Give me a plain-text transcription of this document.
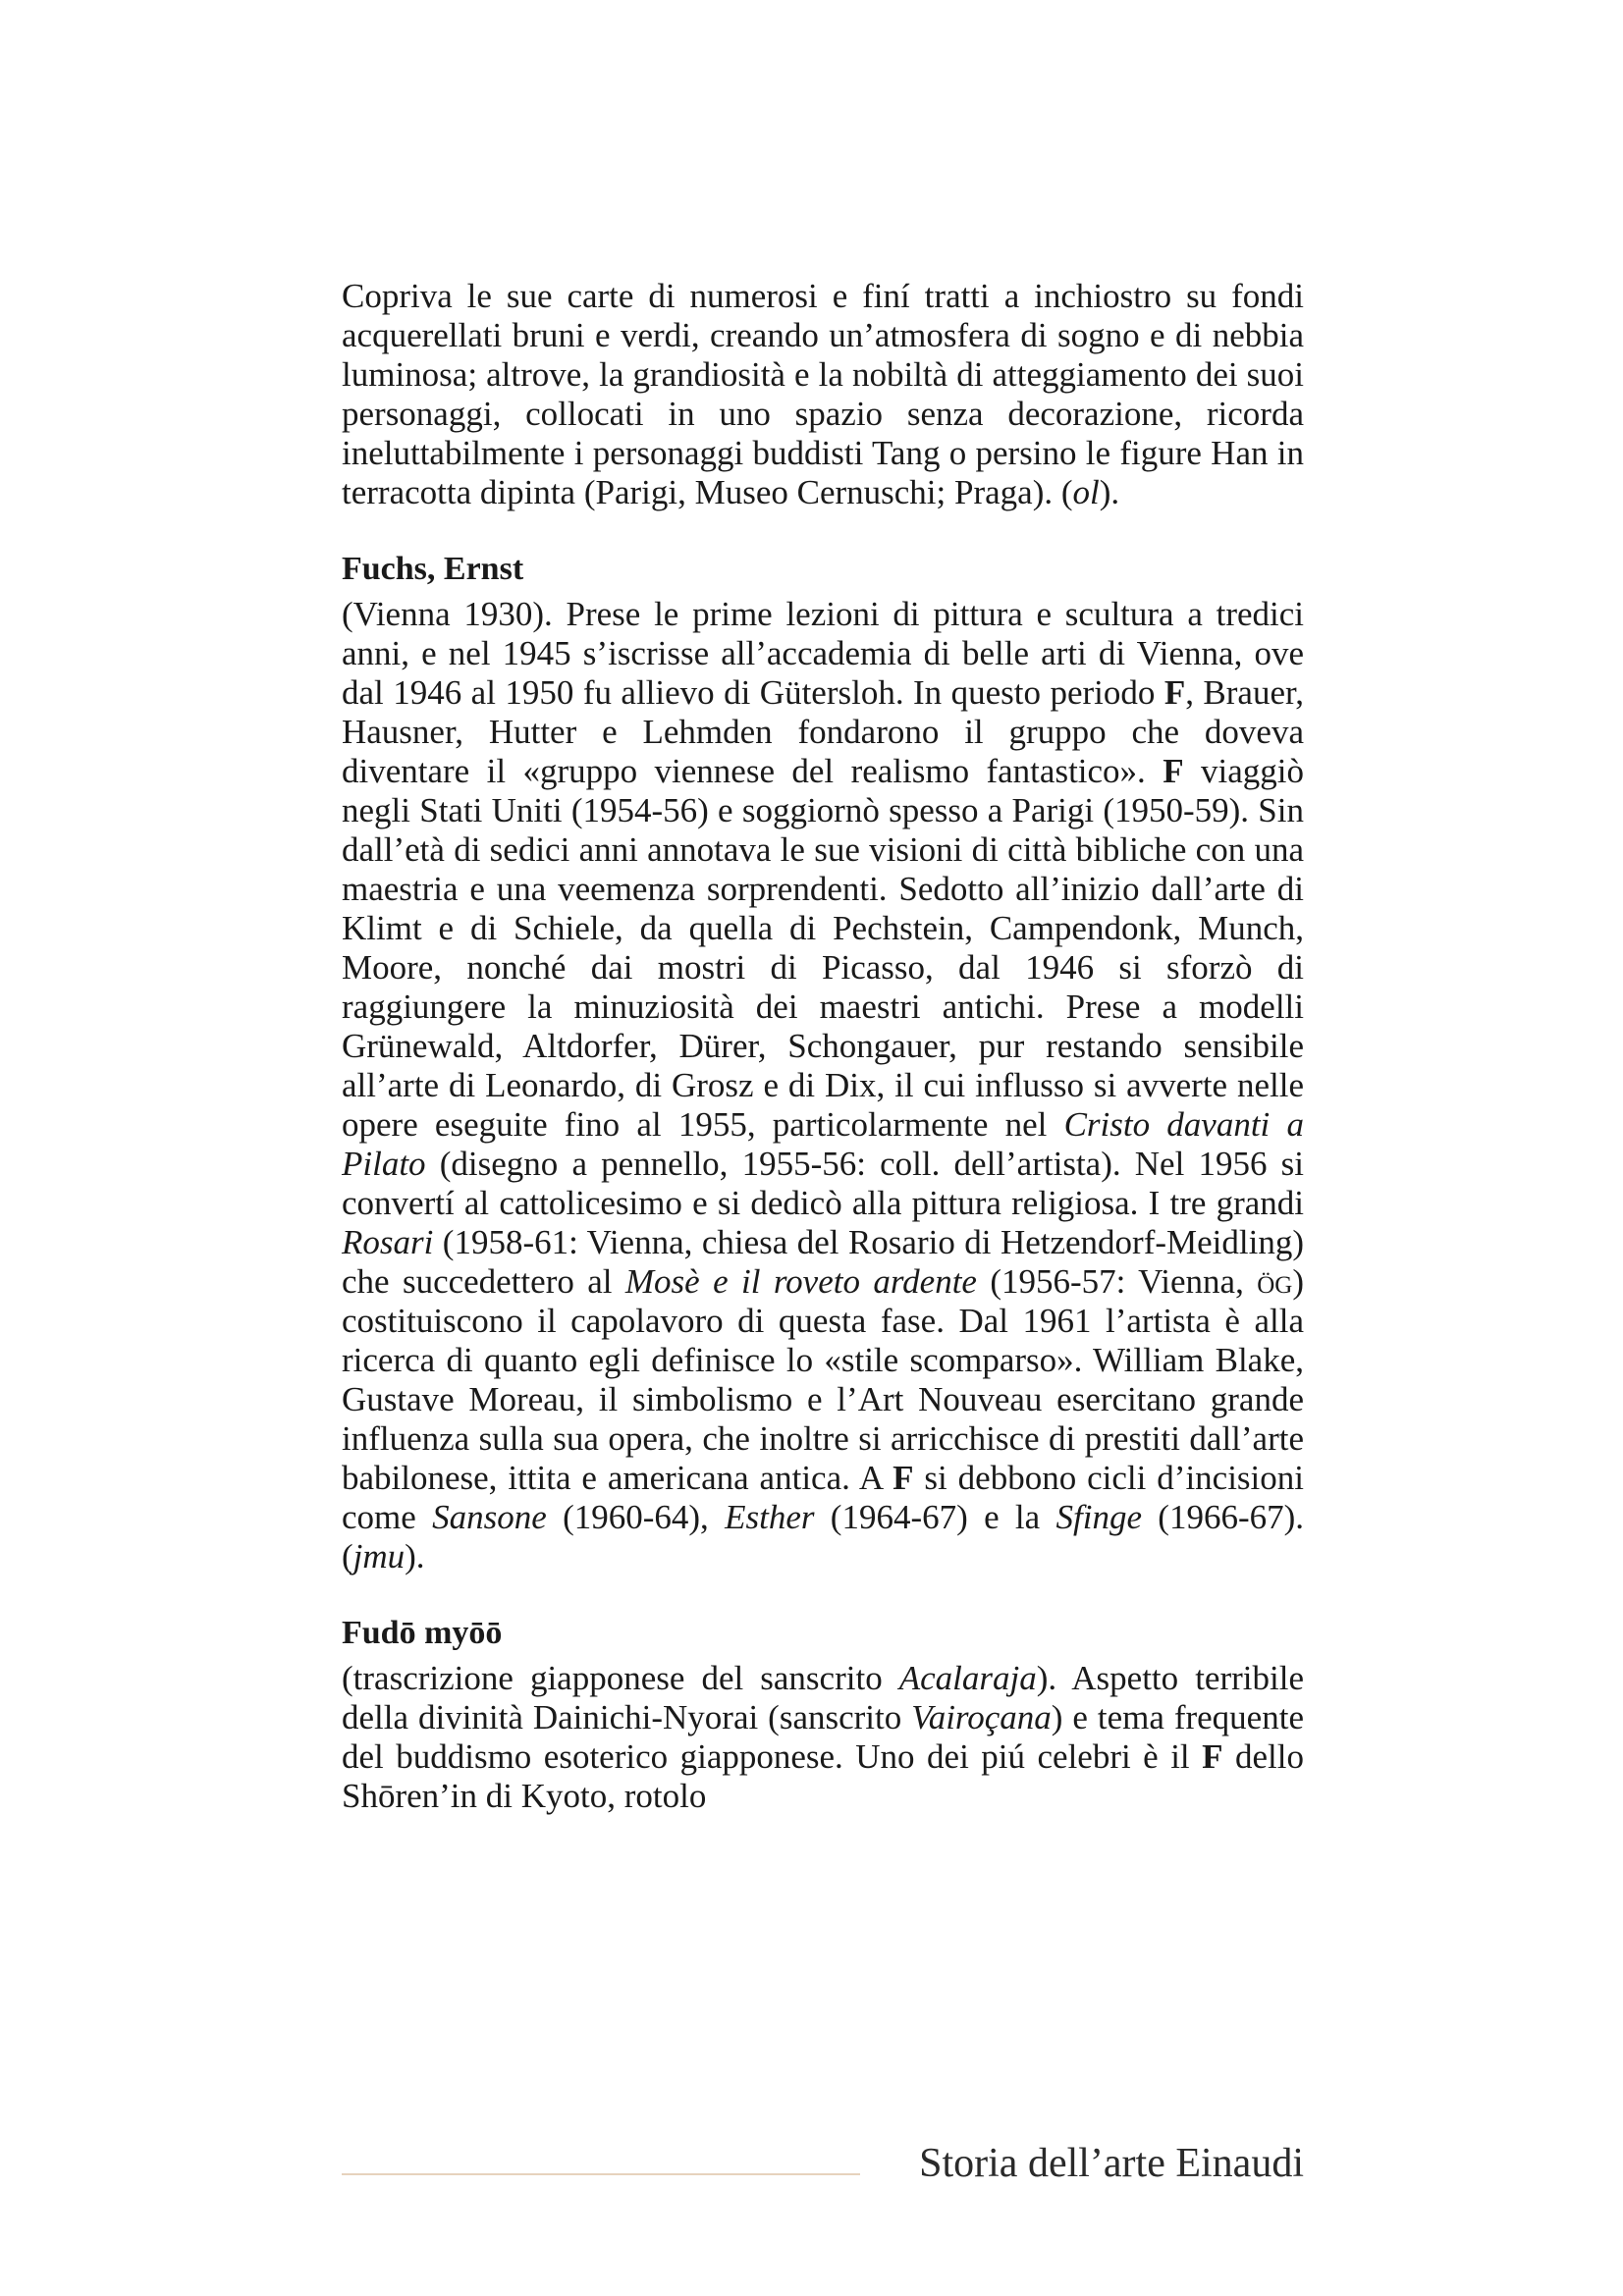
Copriva le sue carte di numerosi e finí tratti a inchiostro su fondi acquerellati bruni e verdi, creando un’atmosfera di sogno e di nebbia luminosa; altrove, la grandiosità e la nobiltà di atteggiamento dei suoi personaggi, collocati in uno spazio senza decorazione, ricorda ineluttabilmente i personaggi buddisti Tang o persino le figure Han in terracotta dipinta (Parigi, Museo Cernuschi; Praga). (ol).

Fuchs, Ernst

(Vienna 1930). Prese le prime lezioni di pittura e scultura a tredici anni, e nel 1945 s’iscrisse all’accademia di belle arti di Vienna, ove dal 1946 al 1950 fu allievo di Gütersloh. In questo periodo F, Brauer, Hausner, Hutter e Lehmden fondarono il gruppo che doveva diventare il «gruppo viennese del realismo fantastico». F viaggiò negli Stati Uniti (1954-56) e soggiornò spesso a Parigi (1950-59). Sin dall’età di sedici anni annotava le sue visioni di città bibliche con una maestria e una veemenza sorprendenti. Sedotto all’inizio dall’arte di Klimt e di Schiele, da quella di Pechstein, Campendonk, Munch, Moore, nonché dai mostri di Picasso, dal 1946 si sforzò di raggiungere la minuziosità dei maestri antichi. Prese a modelli Grünewald, Altdorfer, Dürer, Schongauer, pur restando sensibile all’arte di Leonardo, di Grosz e di Dix, il cui influsso si avverte nelle opere eseguite fino al 1955, particolarmente nel Cristo davanti a Pilato (disegno a pennello, 1955-56: coll. dell’artista). Nel 1956 si convertí al cattolicesimo e si dedicò alla pittura religiosa. I tre grandi Rosari (1958-61: Vienna, chiesa del Rosario di Hetzendorf-Meidling) che succedettero al Mosè e il roveto ardente (1956-57: Vienna, ög) costituiscono il capolavoro di questa fase. Dal 1961 l’artista è alla ricerca di quanto egli definisce lo «stile scomparso». William Blake, Gustave Moreau, il simbolismo e l’Art Nouveau esercitano grande influenza sulla sua opera, che inoltre si arricchisce di prestiti dall’arte babilonese, ittita e americana antica. A F si debbono cicli d’incisioni come Sansone (1960-64), Esther (1964-67) e la Sfinge (1966-67). (jmu).

Fudō myōō

(trascrizione giapponese del sanscrito Acalaraja). Aspetto terribile della divinità Dainichi-Nyorai (sanscrito Vairoçana) e tema frequente del buddismo esoterico giapponese. Uno dei piú celebri è il F dello Shōren’in di Kyoto, rotolo

Storia dell’arte Einaudi
